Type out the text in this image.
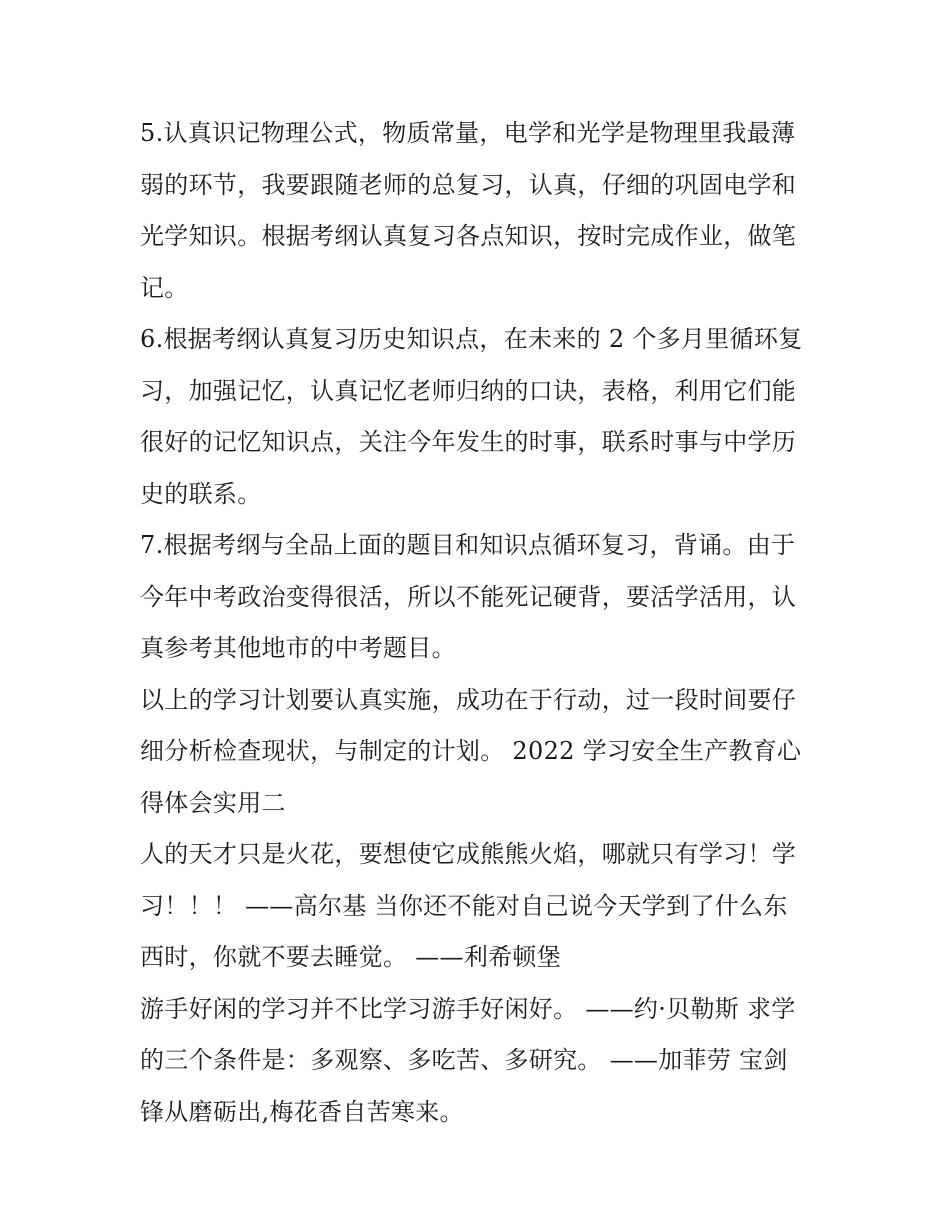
5.认真识记物理公式，物质常量，电学和光学是物理里我最薄
弱的环节，我要跟随老师的总复习，认真，仔细的巩固电学和
光学知识。根据考纲认真复习各点知识，按时完成作业，做笔
记。

6.根据考纲认真复习历史知识点，在未来的 2 个多月里循环复
习，加强记忆，认真记忆老师归纳的口诀，表格，利用它们能
很好的记忆知识点，关注今年发生的时事，联系时事与中学历
史的联系。

7.根据考纲与全品上面的题目和知识点循环复习，背诵。由于
今年中考政治变得很活，所以不能死记硬背，要活学活用，认
真参考其他地市的中考题目。

以上的学习计划要认真实施，成功在于行动，过一段时间要仔
细分析检查现状，与制定的计划。 2022 学习安全生产教育心
得体会实用二

人的天才只是火花，要想使它成熊熊火焰，哪就只有学习！学
习！！！ ——高尔基 当你还不能对自己说今天学到了什么东
西时，你就不要去睡觉。 ——利希顿堡

游手好闲的学习并不比学习游手好闲好。 ——约·贝勒斯 求学
的三个条件是：多观察、多吃苦、多研究。 ——加菲劳 宝剑
锋从磨砺出,梅花香自苦寒来。
